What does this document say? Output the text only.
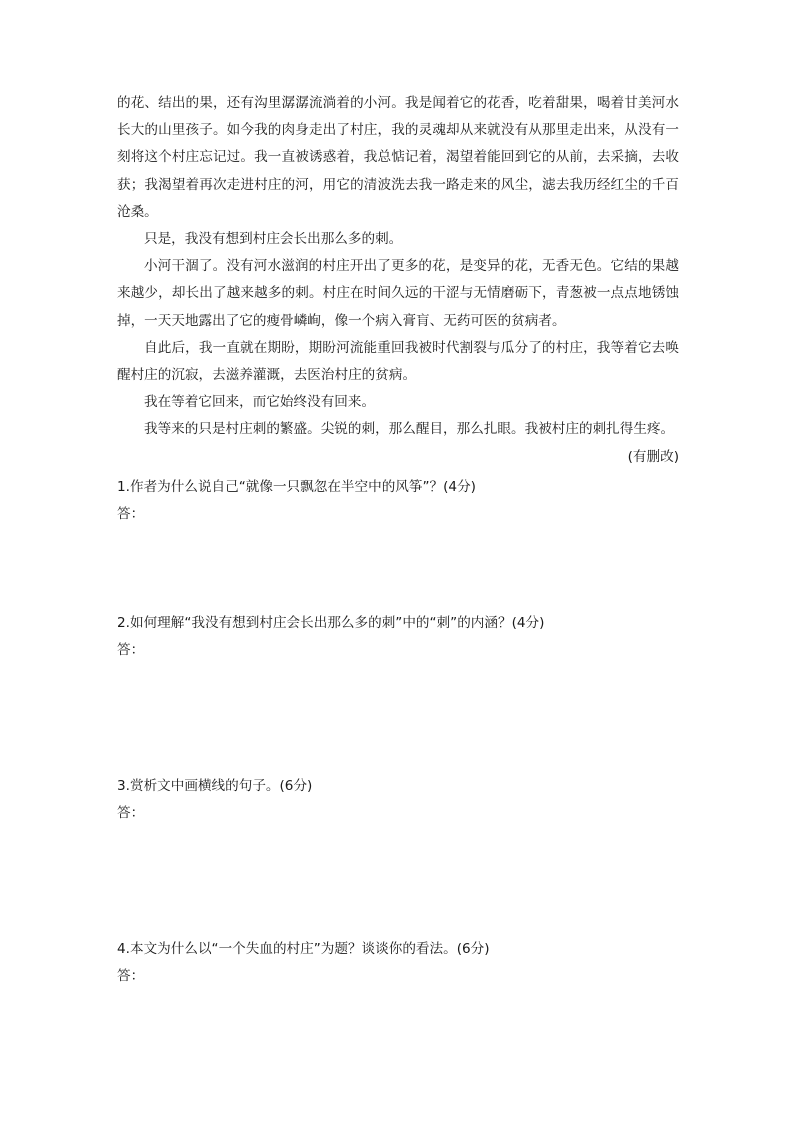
的花、结出的果，还有沟里潺潺流淌着的小河。我是闻着它的花香，吃着甜果，喝着甘美河水长大的山里孩子。如今我的肉身走出了村庄，我的灵魂却从来就没有从那里走出来，从没有一刻将这个村庄忘记过。我一直被诱惑着，我总惦记着，渴望着能回到它的从前，去采摘，去收获；我渴望着再次走进村庄的河，用它的清波洗去我一路走来的风尘，滤去我历经红尘的千百沧桑。

只是，我没有想到村庄会长出那么多的刺。

小河干涸了。没有河水滋润的村庄开出了更多的花，是变异的花，无香无色。它结的果越来越少，却长出了越来越多的刺。村庄在时间久远的干涩与无情磨砺下，青葱被一点点地锈蚀掉，一天天地露出了它的瘦骨嶙峋，像一个病入膏肓、无药可医的贫病者。

自此后，我一直就在期盼，期盼河流能重回我被时代割裂与瓜分了的村庄，我等着它去唤醒村庄的沉寂，去滋养灌溉，去医治村庄的贫病。

我在等着它回来，而它始终没有回来。

我等来的只是村庄刺的繁盛。尖锐的刺，那么醒目，那么扎眼。我被村庄的刺扎得生疼。

(有删改)

1.作者为什么说自己“就像一只飘忽在半空中的风筝”？(4分)

答：

2.如何理解“我没有想到村庄会长出那么多的刺”中的“刺”的内涵？(4分)

答：

3.赏析文中画横线的句子。(6分)

答：

4.本文为什么以“一个失血的村庄”为题？谈谈你的看法。(6分)

答：
